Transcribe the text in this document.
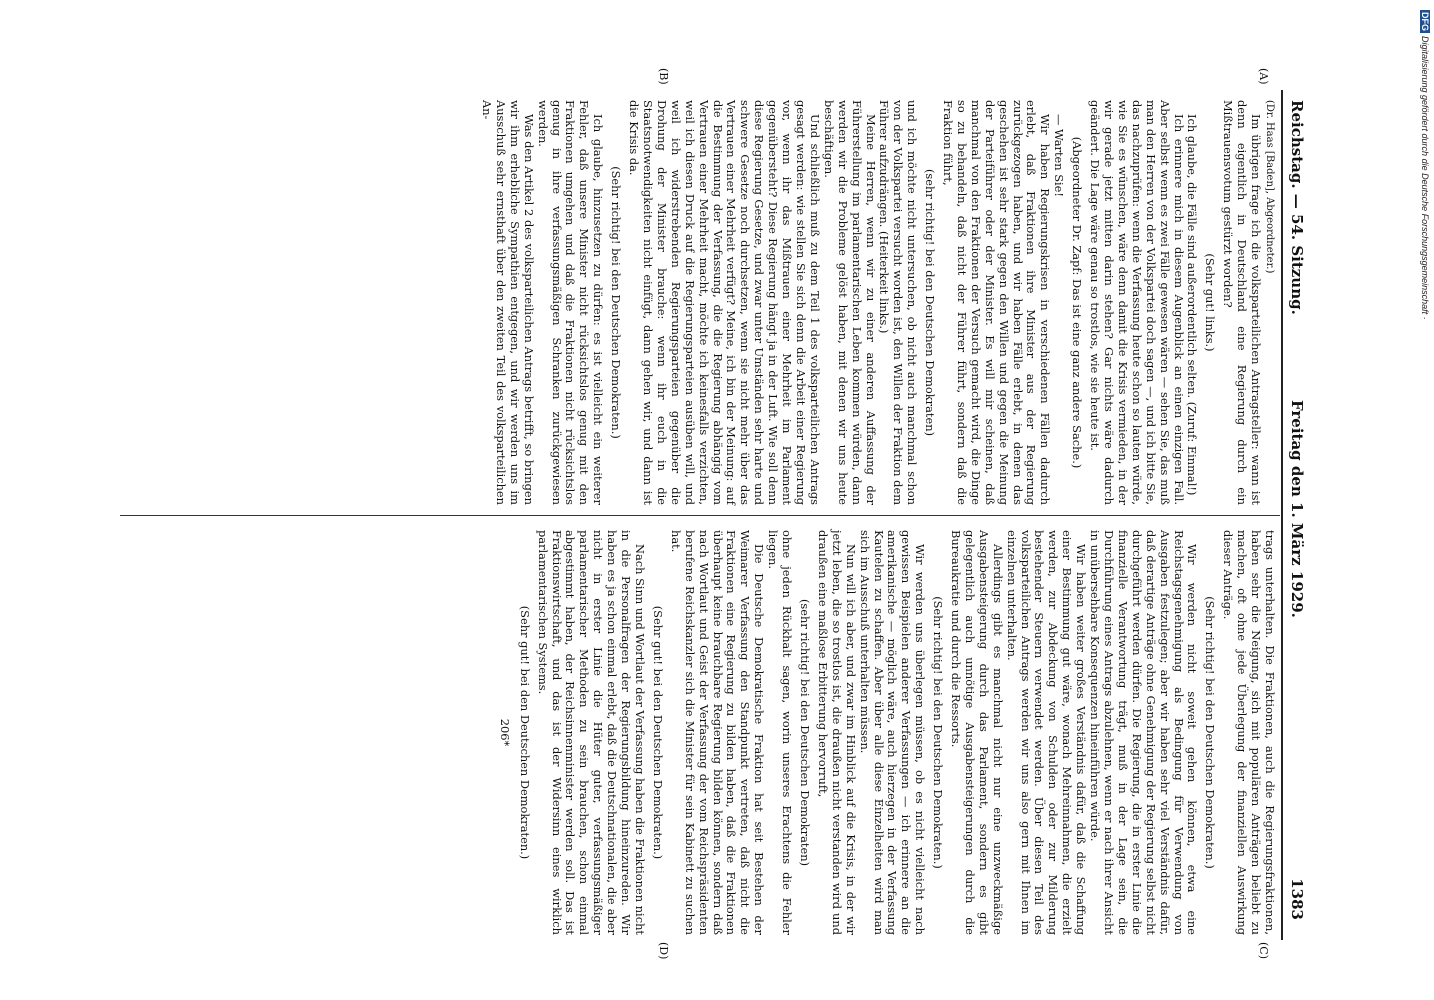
Reichstag. — 54. Sitzung.
Freitag den 1. März 1929.
1383
(A)
(B)
(C)
(D)

(Dr. Haas [Baden], Abgeordneter.)

Im übrigen frage ich die volksparteilichen Antragsteller: wann ist denn eigentlich in Deutschland eine Regierung durch ein Mißtrauensvotum gestürzt worden?

(Sehr gut! links.)

Ich glaube, die Fälle sind außerordentlich selten. (Zuruf: Einmal!)

Ich erinnere mich in diesem Augenblick an einen einzigen Fall. Aber selbst wenn es zwei Fälle gewesen wären — sehen Sie, das muß man den Herren von der Volkspartei doch sagen —, und ich bitte Sie, das nachzuprüfen: wenn die Verfassung heute schon so lauten würde, wie Sie es wünschen, wäre denn damit die Krisis vermieden, in der wir gerade jetzt mitten darin stehen? Gar nichts wäre dadurch geändert. Die Lage wäre genau so trostlos, wie sie heute ist.

(Abgeordneter Dr. Zapf: Das ist eine ganz andere Sache.)

— Warten Sie!

Wir haben Regierungskrisen in verschiedenen Fällen dadurch erlebt, daß Fraktionen ihre Minister aus der Regierung zurückgezogen haben, und wir haben Fälle erlebt, in denen das geschehen ist sehr stark gegen den Willen und gegen die Meinung der Parteiführer oder der Minister. Es will mir scheinen, daß manchmal von den Fraktionen der Versuch gemacht wird, die Dinge so zu behandeln, daß nicht der Führer führt, sondern daß die Fraktion führt,

(sehr richtig! bei den Deutschen Demokraten)

und ich möchte nicht untersuchen, ob nicht auch manchmal schon von der Volkspartei versucht worden ist, den Willen der Fraktion dem Führer aufzudrängen. (Heiterkeit links.)

Meine Herren, wenn wir zu einer anderen Auffassung der Führerstellung im parlamentarischen Leben kommen würden, dann werden wir die Probleme gelöst haben, mit denen wir uns heute beschäftigen.

Und schließlich muß zu dem Teil 1 des volksparteilichen Antrags gesagt werden: wie stellen Sie sich denn die Arbeit einer Regierung vor, wenn ihr das Mißtrauen einer Mehrheit im Parlament gegenübersteht? Diese Regierung hängt ja in der Luft. Wie soll denn diese Regierung Gesetze, und zwar unter Umständen sehr harte und schwere Gesetze noch durchsetzen, wenn sie nicht mehr über das Vertrauen einer Mehrheit verfügt? Meine, ich bin der Meinung: auf die Bestimmung der Verfassung, die die Regierung abhängig vom Vertrauen einer Mehrheit macht, möchte ich keinesfalls verzichten, weil ich diesen Druck auf die Regierungsparteien ausüben will, und weil ich widerstrebenden Regierungsparteien gegenüber die Drohung der Minister brauche: wenn ihr euch in die Staatsnotwendigkeiten nicht einfügt, dann gehen wir, und dann ist die Krisis da.

(Sehr richtig! bei den Deutschen Demokraten.)

Ich glaube, hinzusetzen zu dürfen: es ist vielleicht ein weiterer Fehler, daß unsere Minister nicht rücksichtslos genug mit den Fraktionen umgehen und daß die Fraktionen nicht rücksichtslos genug in ihre verfassungsmäßigen Schranken zurückgewiesen werden.

Was den Artikel 2 des volksparteilichen Antrags betrifft, so bringen wir ihm erhebliche Sympathien entgegen, und wir werden uns im Ausschuß sehr ernsthaft über den zweiten Teil des volksparteilichen An-

trags unterhalten. Die Fraktionen, auch die Regierungsfraktionen, haben sehr die Neigung, sich mit populären Anträgen beliebt zu machen, oft ohne jede Überlegung der finanziellen Auswirkung dieser Anträge.

(Sehr richtig! bei den Deutschen Demokraten.)

Wir werden nicht soweit gehen können, etwa eine Reichstagsgenehmigung als Bedingung für Verwendung von Ausgaben festzulegen; aber wir haben sehr viel Verständnis dafür, daß derartige Anträge ohne Genehmigung der Regierung selbst nicht durchgeführt werden dürfen. Die Regierung, die in erster Linie die finanzielle Verantwortung trägt, muß in der Lage sein, die Durchführung eines Antrags abzulehnen, wenn er nach ihrer Ansicht in unübersehbare Konsequenzen hineinführen würde.

Wir haben weiter großes Verständnis dafür, daß die Schaffung einer Bestimmung gut wäre, wonach Mehreinnahmen, die erzielt werden, zur Abdeckung von Schulden oder zur Milderung bestehender Steuern verwendet werden. Über diesen Teil des volksparteilichen Antrags werden wir uns also gern mit Ihnen im einzelnen unterhalten.

Allerdings gibt es manchmal nicht nur eine unzweckmäßige Ausgabensteigerung durch das Parlament, sondern es gibt gelegentlich auch unnötige Ausgabensteigerungen durch die Bureaukratie und durch die Ressorts.

(Sehr richtig! bei den Deutschen Demokraten.)

Wir werden uns überlegen müssen, ob es nicht vielleicht nach gewissen Beispielen anderer Verfassungen — ich erinnere an die amerikanische — möglich wäre, auch hierzegen in der Verfassung Kautelen zu schaffen. Aber über alle diese Einzelheiten wird man sich im Ausschuß unterhalten müssen.

Nun will ich aber, und zwar im Hinblick auf die Krisis, in der wir jetzt leben, die so trostlos ist, die draußen nicht verstanden wird und draußen eine maßlose Erbitterung hervorruft,

(sehr richtig! bei den Deutschen Demokraten)

ohne jeden Rückhalt sagen, worin unseres Erachtens die Fehler liegen.

Die Deutsche Demokratische Fraktion hat seit Bestehen der Weimarer Verfassung den Standpunkt vertreten, daß nicht die Fraktionen eine Regierung zu bilden haben, daß die Fraktionen überhaupt keine brauchbare Regierung bilden können, sondern daß nach Wortlaut und Geist der Verfassung der vom Reichspräsidenten berufene Reichskanzler sich die Minister für sein Kabinett zu suchen hat.

(Sehr gut! bei den Deutschen Demokraten.)

Nach Sinn und Wortlaut der Verfassung haben die Fraktionen nicht in die Personalfragen der Regierungsbildung hineinzureden. Wir haben es ja schon einmal erlebt, daß die Deutschnationalen, die aber nicht in erster Linie die Hüter guter, verfassungsmäßiger parlamentarischer Methoden zu sein brauchen, schon einmal abgestimmt haben, der Reichsinnenminister werden soll. Das ist Fraktionswirtschaft, und das ist der Widersinn eines wirklich parlamentarischen Systems.

(Sehr gut! bei den Deutschen Demokraten.)

206*

DFGDigitalisierung gefördert durch die Deutsche Forschungsgemeinschaft ·
